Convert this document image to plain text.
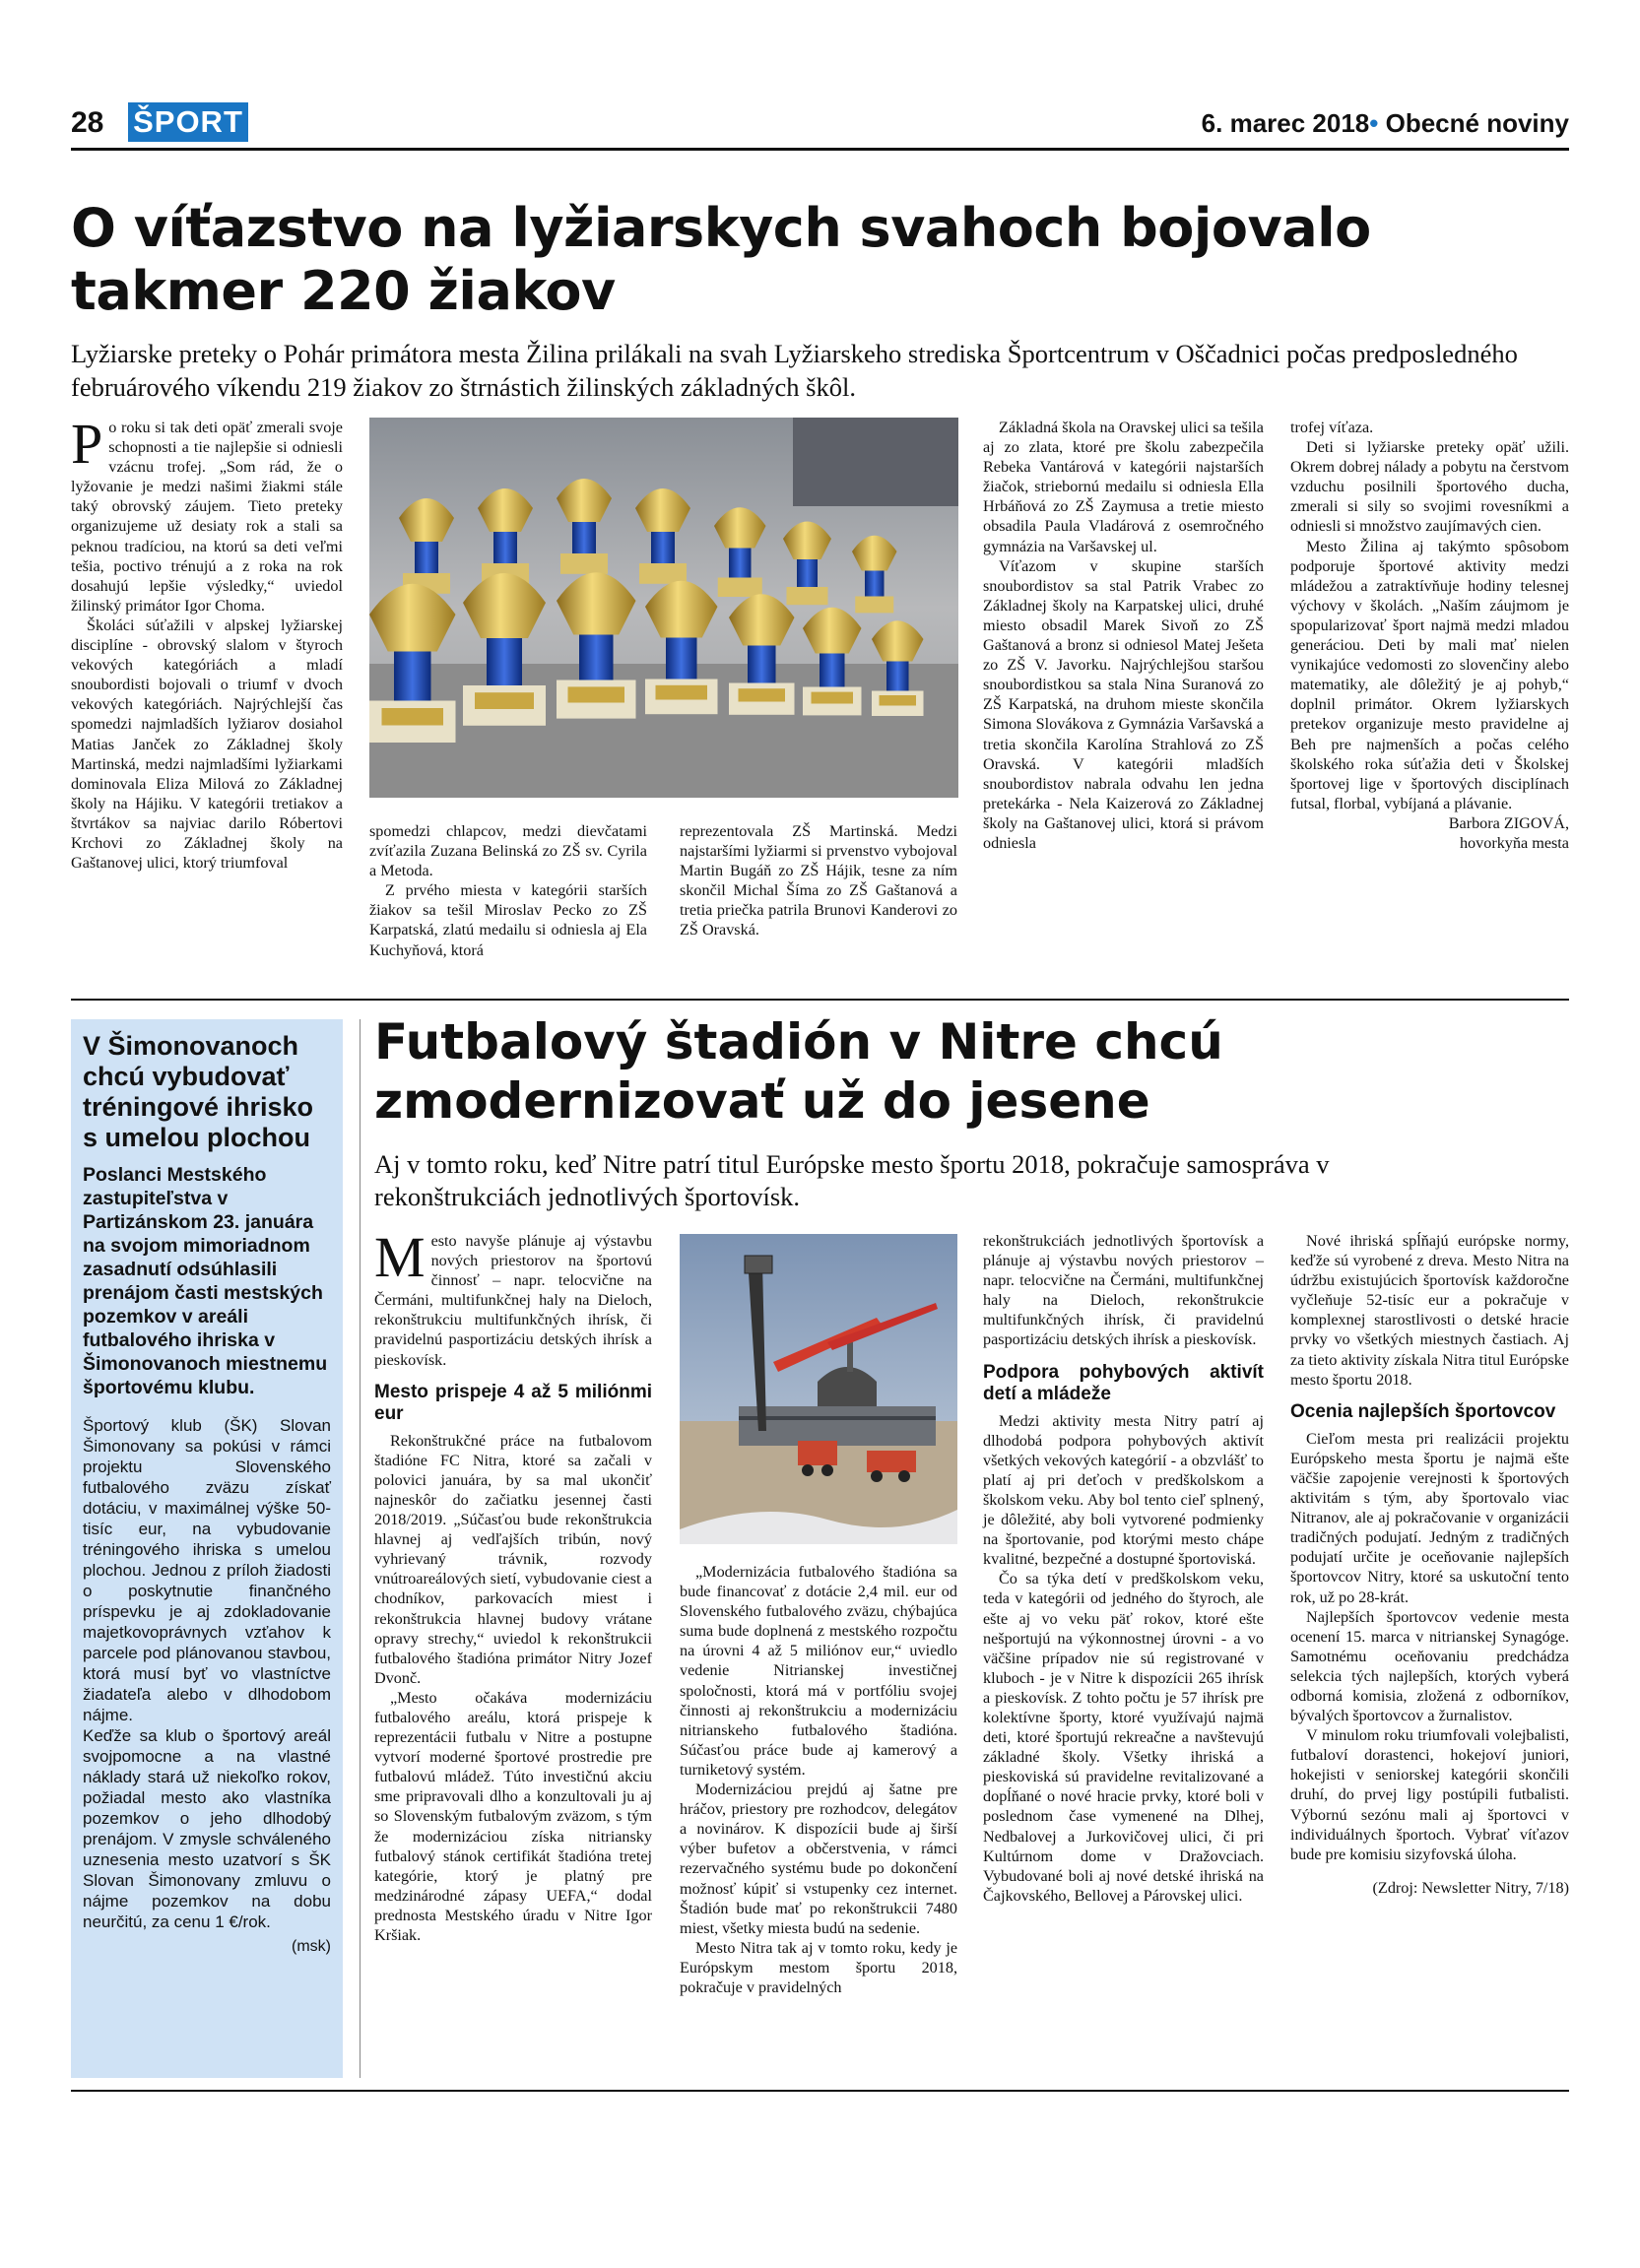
28 ŠPORT	6. marec 2018• Obecné noviny
O víťazstvo na lyžiarskych svahoch bojovalo takmer 220 žiakov
Lyžiarske preteky o Pohár primátora mesta Žilina prilákali na svah Lyžiarskeho strediska Športcentrum v Oščadnici počas predposledného februárového víkendu 219 žiakov zo štrnástich žilinských základných škôl.

Po roku si tak deti opäť zmerali svoje schopnosti a tie najlepšie si odniesli vzácnu trofej. „Som rád, že o lyžovanie je medzi našimi žiakmi stále taký obrovský záujem. Tieto preteky organizujeme už desiaty rok a stali sa peknou tradíciou, na ktorú sa deti veľmi tešia, poctivo trénujú a z roka na rok dosahujú lepšie výsledky,“ uviedol žilinský primátor Igor Choma.

Školáci súťažili v alpskej lyžiarskej disciplíne - obrovský slalom v štyroch vekových kategóriách a mladí snoubordisti bojovali o triumf v dvoch vekových kategóriách. Najrýchlejší čas spomedzi najmladších lyžiarov dosiahol Matias Janček zo Základnej školy Martinská, medzi najmladšími lyžiarkami dominovala Eliza Milová zo Základnej školy na Hájiku. V kategórii tretiakov a štvrtákov sa najviac darilo Róbertovi Krchovi zo Základnej školy na Gaštanovej ulici, ktorý triumfoval

spomedzi chlapcov, medzi dievčatami zvíťazila Zuzana Belinská zo ZŠ sv. Cyrila a Metoda.

Z prvého miesta v kategórii starších žiakov sa tešil Miroslav Pecko zo ZŠ Karpatská, zlatú medailu si odniesla aj Ela Kuchyňová, ktorá

reprezentovala ZŠ Martinská. Medzi najstaršími lyžiarmi si prvenstvo vybojoval Martin Bugáň zo ZŠ Hájik, tesne za ním skončil Michal Šíma zo ZŠ Gaštanová a tretia priečka patrila Brunovi Kanderovi zo ZŠ Oravská.

Základná škola na Oravskej ulici sa tešila aj zo zlata, ktoré pre školu zabezpečila Rebeka Vantárová v kategórii najstarších žiačok, striebornú medailu si odniesla Ella Hrbáňová zo ZŠ Zaymusa a tretie miesto obsadila Paula Vladárová z osemročného gymnázia na Varšavskej ul.

Víťazom v skupine starších snoubordistov sa stal Patrik Vrabec zo Základnej školy na Karpatskej ulici, druhé miesto obsadil Marek Sivoň zo ZŠ Gaštanová a bronz si odniesol Matej Ješeta zo ZŠ V. Javorku. Najrýchlejšou staršou snoubordistkou sa stala Nina Suranová zo ZŠ Karpatská, na druhom mieste skončila Simona Slovákova z Gymnázia Varšavská a tretia skončila Karolína Strahlová zo ZŠ Oravská. V kategórii mladších snoubordistov nabrala odvahu len jedna pretekárka - Nela Kaizerová zo Základnej školy na Gaštanovej ulici, ktorá si právom odniesla

trofej víťaza.

Deti si lyžiarske preteky opäť užili. Okrem dobrej nálady a pobytu na čerstvom vzduchu posilnili športového ducha, zmerali si sily so svojimi rovesníkmi a odniesli si množstvo zaujímavých cien.

Mesto Žilina aj takýmto spôsobom podporuje športové aktivity medzi mládežou a zatraktívňuje hodiny telesnej výchovy v školách. „Naším záujmom je spopularizovať šport najmä medzi mladou generáciou. Deti by mali mať nielen vynikajúce vedomosti zo slovenčiny alebo matematiky, ale dôležitý je aj pohyb,“ doplnil primátor. Okrem lyžiarskych pretekov organizuje mesto pravidelne aj Beh pre najmenších a počas celého školského roka súťažia deti v Školskej športovej lige v športových disciplínach futsal, florbal, vybíjaná a plávanie.

Barbora ZIGOVÁ,

hovorkyňa mesta

V Šimonovanoch chcú vybudovať tréningové ihrisko s umelou plochou
Poslanci Mestského zastupiteľstva v Partizánskom 23. januára na svojom mimoriadnom zasadnutí odsúhlasili prenájom časti mestských pozemkov v areáli futbalového ihriska v Šimonovanoch miestnemu športovému klubu.

Športový klub (ŠK) Slovan Šimonovany sa pokúsi v rámci projektu Slovenského futbalového zväzu získať dotáciu, v maximálnej výške 50-tisíc eur, na vybudovanie tréningového ihriska s umelou plochou. Jednou z príloh žiadosti o poskytnutie finančného príspevku je aj zdokladovanie majetkovoprávnych vzťahov k parcele pod plánovanou stavbou, ktorá musí byť vo vlastníctve žiadateľa alebo v dlhodobom nájme.

Keďže sa klub o športový areál svojpomocne a na vlastné náklady stará už niekoľko rokov, požiadal mesto ako vlastníka pozemkov o jeho dlhodobý prenájom. V zmysle schváleného uznesenia mesto uzatvorí s ŠK Slovan Šimonovany zmluvu o nájme pozemkov na dobu neurčitú, za cenu 1 €/rok.

(msk)
Futbalový štadión v Nitre chcú zmodernizovať už do jesene
Aj v tomto roku, keď Nitre patrí titul Európske mesto športu 2018, pokračuje samospráva v rekonštrukciách jednotlivých športovísk.

Mesto navyše plánuje aj výstavbu nových priestorov na športovú činnosť – napr. telocvične na Čermáni, multifunkčnej haly na Dieloch, rekonštrukciu multifunkčných ihrísk, či pravidelnú pasportizáciu detských ihrísk a pieskovísk.

Mesto prispeje 4 až 5 miliónmi eur

Rekonštrukčné práce na futbalovom štadióne FC Nitra, ktoré sa začali v polovici januára, by sa mal ukončiť najneskôr do začiatku jesennej časti 2018/2019. „Súčasťou bude rekonštrukcia hlavnej aj vedľajších tribún, nový vyhrievaný trávnik, rozvody vnútroareálových sietí, vybudovanie ciest a chodníkov, parkovacích miest i rekonštrukcia hlavnej budovy vrátane opravy strechy,“ uviedol k rekonštrukcii futbalového štadióna primátor Nitry Jozef Dvonč.

„Mesto očakáva modernizáciu futbalového areálu, ktorá prispeje k reprezentácii futbalu v Nitre a postupne vytvorí moderné športové prostredie pre futbalovú mládež. Túto investičnú akciu sme pripravovali dlho a konzultovali ju aj so Slovenským futbalovým zväzom, s tým že modernizáciou získa nitriansky futbalový stánok certifikát štadióna tretej kategórie, ktorý je platný pre medzinárodné zápasy UEFA,“ dodal prednosta Mestského úradu v Nitre Igor Kršiak.

„Modernizácia futbalového štadióna sa bude financovať z dotácie 2,4 mil. eur od Slovenského futbalového zväzu, chýbajúca suma bude doplnená z mestského rozpočtu na úrovni 4 až 5 miliónov eur,“ uviedlo vedenie Nitrianskej investičnej spoločnosti, ktorá má v portfóliu svojej činnosti aj rekonštrukciu a modernizáciu nitrianskeho futbalového štadióna. Súčasťou práce bude aj kamerový a turniketový systém.

Modernizáciou prejdú aj šatne pre hráčov, priestory pre rozhodcov, delegátov a novinárov. K dispozícii bude aj širší výber bufetov a občerstvenia, v rámci rezervačného systému bude po dokončení možnosť kúpiť si vstupenky cez internet. Štadión bude mať po rekonštrukcii 7480 miest, všetky miesta budú na sedenie.

Mesto Nitra tak aj v tomto roku, kedy je Európskym mestom športu 2018, pokračuje v pravidelných

rekonštrukciách jednotlivých športovísk a plánuje aj výstavbu nových priestorov – napr. telocvične na Čermáni, multifunkčnej haly na Dieloch, rekonštrukcie multifunkčných ihrísk, či pravidelnú pasportizáciu detských ihrísk a pieskovísk.

Podpora pohybových aktivít detí a mládeže

Medzi aktivity mesta Nitry patrí aj dlhodobá podpora pohybových aktivít všetkých vekových kategórií - a obzvlášť to platí aj pri deťoch v predškolskom a školskom veku. Aby bol tento cieľ splnený, je dôležité, aby boli vytvorené podmienky na športovanie, pod ktorými mesto chápe kvalitné, bezpečné a dostupné športoviská.

Čo sa týka detí v predškolskom veku, teda v kategórii od jedného do štyroch, ale ešte aj vo veku päť rokov, ktoré ešte nešportujú na výkonnostnej úrovni - a vo väčšine prípadov nie sú registrované v kluboch - je v Nitre k dispozícii 265 ihrísk a pieskovísk. Z tohto počtu je 57 ihrísk pre kolektívne športy, ktoré využívajú najmä deti, ktoré športujú rekreačne a navštevujú základné školy. Všetky ihriská a pieskoviská sú pravidelne revitalizované a dopĺňané o nové hracie prvky, ktoré boli v poslednom čase vymenené na Dlhej, Nedbalovej a Jurkovičovej ulici, či pri Kultúrnom dome v Dražovciach. Vybudované boli aj nové detské ihriská na Čajkovského, Bellovej a Párovskej ulici.

Nové ihriská spĺňajú európske normy, keďže sú vyrobené z dreva. Mesto Nitra na údržbu existujúcich športovísk každoročne vyčleňuje 52-tisíc eur a pokračuje v komplexnej starostlivosti o detské hracie prvky vo všetkých miestnych častiach. Aj za tieto aktivity získala Nitra titul Európske mesto športu 2018.

Ocenia najlepších športovcov

Cieľom mesta pri realizácii projektu Európskeho mesta športu je najmä ešte väčšie zapojenie verejnosti k športových aktivitám s tým, aby športovalo viac Nitranov, ale aj pokračovanie v organizácii tradičných podujatí. Jedným z tradičných podujatí určite je oceňovanie najlepších športovcov Nitry, ktoré sa uskutoční tento rok, už po 28-krát.

Najlepších športovcov vedenie mesta ocenení 15. marca v nitrianskej Synagóge. Samotnému oceňovaniu predchádza selekcia tých najlepších, ktorých vyberá odborná komisia, zložená z odborníkov, bývalých športovcov a žurnalistov.

V minulom roku triumfovali volejbalisti, futbaloví dorastenci, hokejoví juniori, hokejisti v seniorskej kategórii skončili druhí, do prvej ligy postúpili futbalisti. Výbornú sezónu mali aj športovci v individuálnych športoch. Vybrať víťazov bude pre komisiu sizyfovská úloha.

(Zdroj: Newsletter Nitry, 7/18)
